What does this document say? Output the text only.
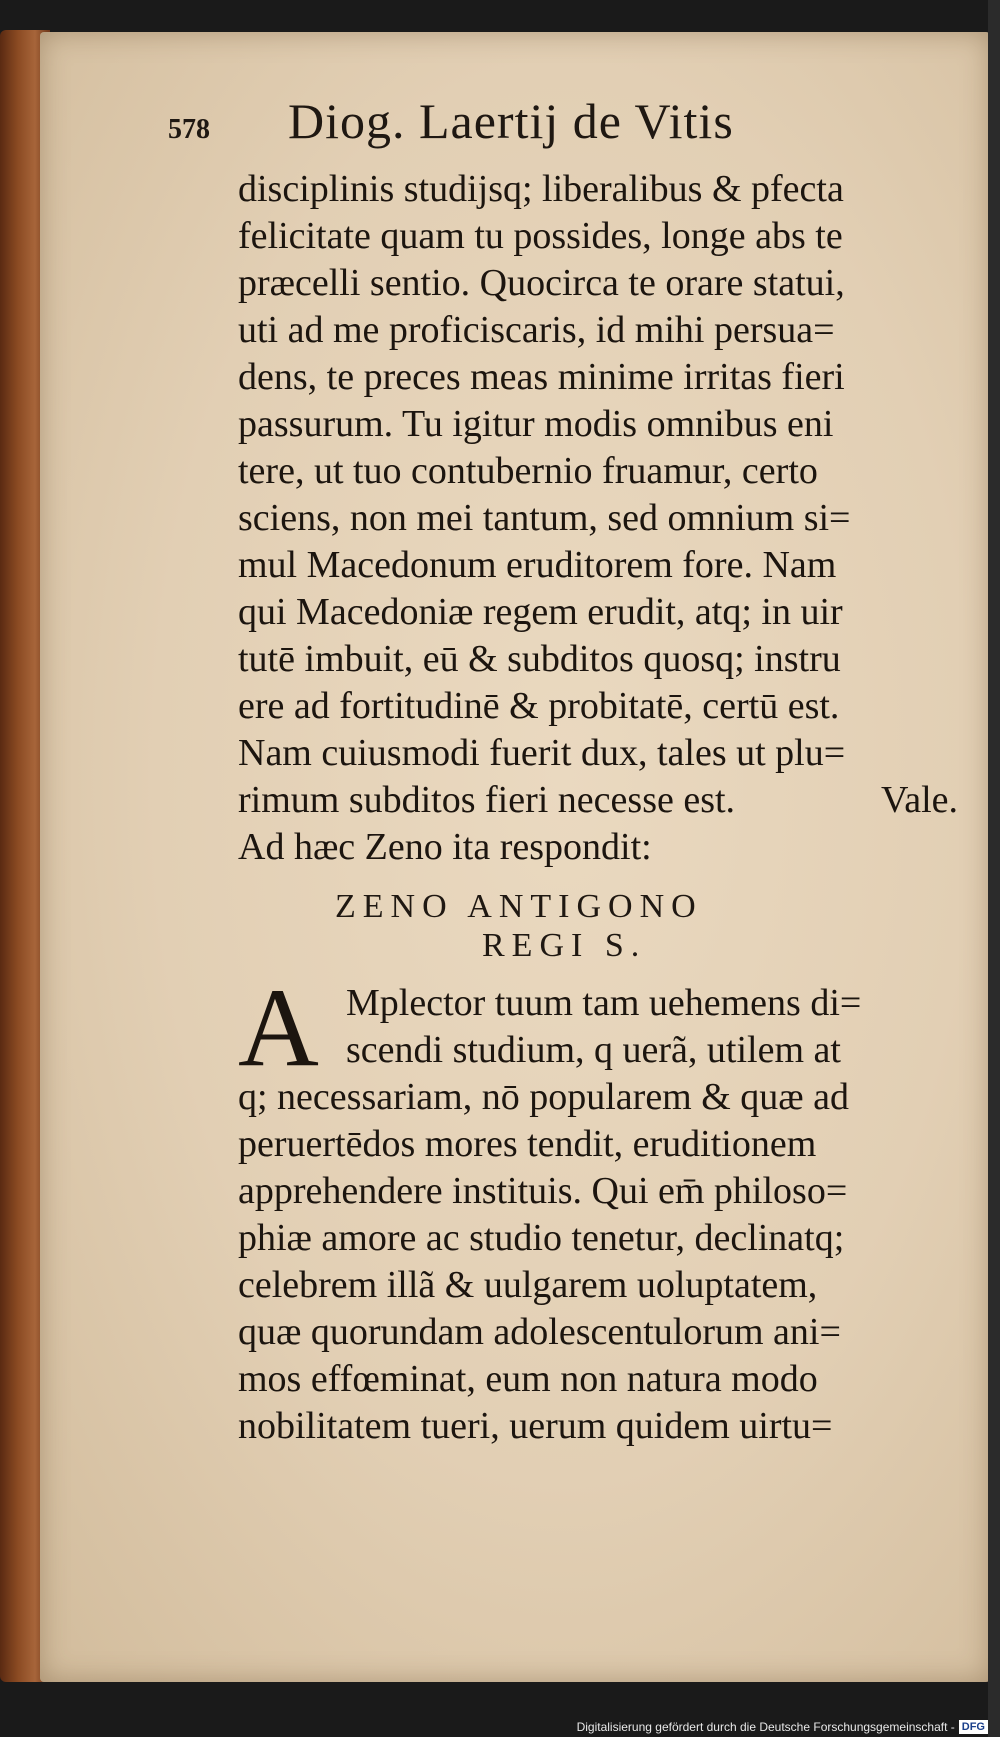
578	Diog. Laertij de Vitis
disciplinis studijsq; liberalibus & pfecta
felicitate quam tu possides, longe abs te
præcelli sentio. Quocirca te orare statui,
uti ad me proficiscaris, id mihi persua=
dens, te preces meas minime irritas fieri
passurum. Tu igitur modis omnibus eni
tere, ut tuo contubernio fruamur, certo
sciens, non mei tantum, sed omnium si=
mul Macedonum eruditorem fore. Nam
qui Macedoniæ regem erudit, atq; in uir
tutē imbuit, eū & subditos quosq; instru
ere ad fortitudinē & probitatē, certū est.
Nam cuiusmodi fuerit dux, tales ut plu=
rimum subditos fieri necesse est.	Vale.
Ad hæc Zeno ita respondit:
ZENO ANTIGONO
REGI S.
A Mplector tuum tam uehemens di=
scendi studium, q uerã, utilem at
q; necessariam, nō popularem & quæ ad
peruertēdos mores tendit, eruditionem
apprehendere instituis. Qui em̄ philoso=
phiæ amore ac studio tenetur, declinatq;
celebrem illã & uulgarem uoluptatem,
quæ quorundam adolescentulorum ani=
mos effœminat, eum non natura modo
nobilitatem tueri, uerum quidem uirtu=
Digitalisierung gefördert durch die Deutsche Forschungsgemeinschaft - DFG
